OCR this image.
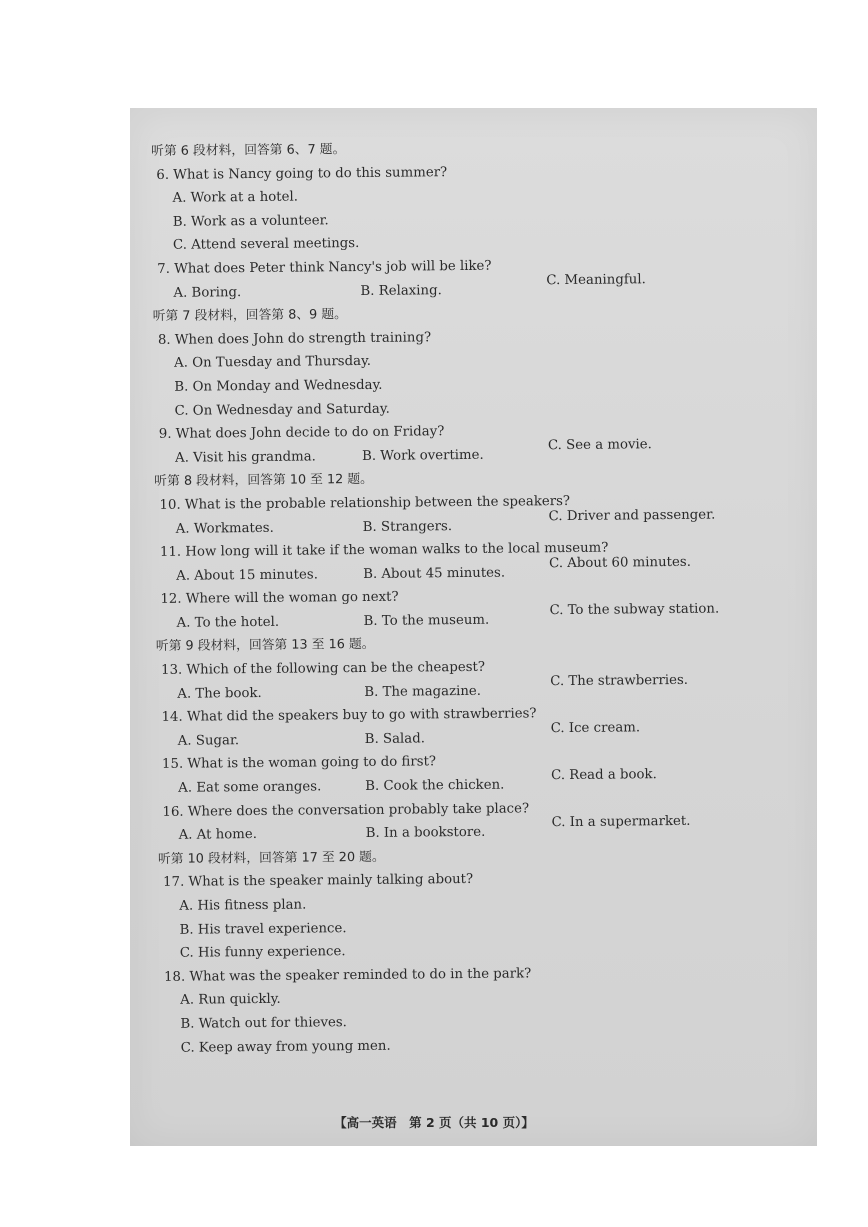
听第 6 段材料，回答第 6、7 题。
6. What is Nancy going to do this summer?
A. Work at a hotel.
B. Work as a volunteer.
C. Attend several meetings.
7. What does Peter think Nancy's job will be like?
A. Boring.	B. Relaxing.
C. Meaningful.
听第 7 段材料，回答第 8、9 题。
8. When does John do strength training?
A. On Tuesday and Thursday.
B. On Monday and Wednesday.
C. On Wednesday and Saturday.
9. What does John decide to do on Friday?
A. Visit his grandma.	B. Work overtime.
C. See a movie.
听第 8 段材料，回答第 10 至 12 题。
10. What is the probable relationship between the speakers?
A. Workmates.	B. Strangers.
C. Driver and passenger.
11. How long will it take if the woman walks to the local museum?
A. About 15 minutes.	B. About 45 minutes.
C. About 60 minutes.
12. Where will the woman go next?
A. To the hotel.	B. To the museum.
C. To the subway station.
听第 9 段材料，回答第 13 至 16 题。
13. Which of the following can be the cheapest?
A. The book.	B. The magazine.
C. The strawberries.
14. What did the speakers buy to go with strawberries?
A. Sugar.	B. Salad.
C. Ice cream.
15. What is the woman going to do first?
A. Eat some oranges.	B. Cook the chicken.
C. Read a book.
16. Where does the conversation probably take place?
A. At home.	B. In a bookstore.
C. In a supermarket.
听第 10 段材料，回答第 17 至 20 题。
17. What is the speaker mainly talking about?
A. His fitness plan.
B. His travel experience.
C. His funny experience.
18. What was the speaker reminded to do in the park?
A. Run quickly.
B. Watch out for thieves.
C. Keep away from young men.
【高一英语　第 2 页（共 10 页）】
